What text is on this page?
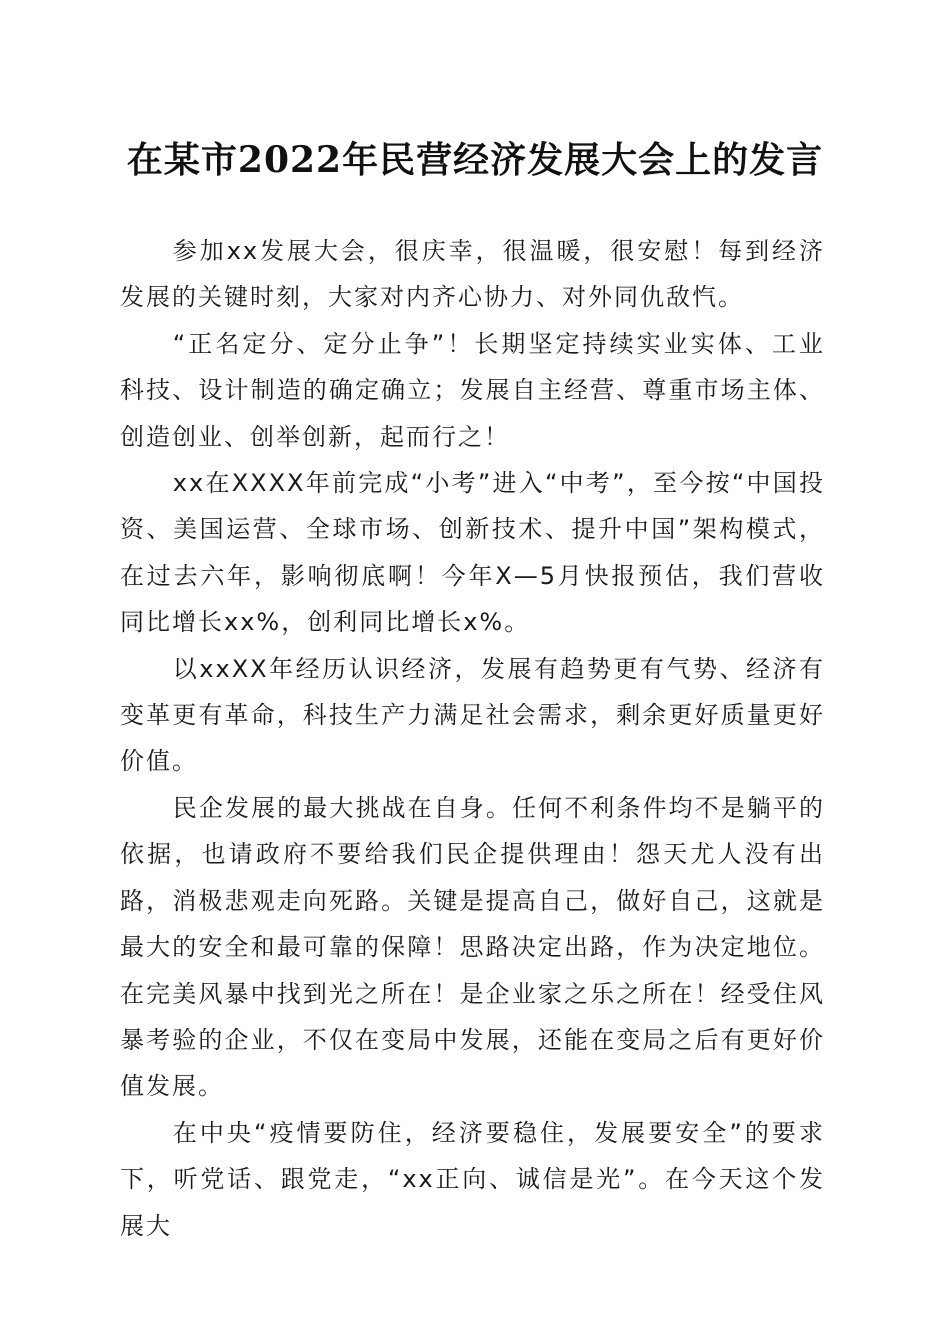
在某市2022年民营经济发展大会上的发言

参加xx发展大会，很庆幸，很温暖，很安慰！每到经济发展的关键时刻，大家对内齐心协力、对外同仇敌忾。

“正名定分、定分止争”！长期坚定持续实业实体、工业科技、设计制造的确定确立；发展自主经营、尊重市场主体、创造创业、创举创新，起而行之！

xx在XXXX年前完成“小考”进入“中考”，至今按“中国投资、美国运营、全球市场、创新技术、提升中国”架构模式，在过去六年，影响彻底啊！今年X—5月快报预估，我们营收同比增长xx%，创利同比增长x%。

以xxXX年经历认识经济，发展有趋势更有气势、经济有变革更有革命，科技生产力满足社会需求，剩余更好质量更好价值。

民企发展的最大挑战在自身。任何不利条件均不是躺平的依据，也请政府不要给我们民企提供理由！怨天尤人没有出路，消极悲观走向死路。关键是提高自己，做好自己，这就是最大的安全和最可靠的保障！思路决定出路，作为决定地位。在完美风暴中找到光之所在！是企业家之乐之所在！经受住风暴考验的企业，不仅在变局中发展，还能在变局之后有更好价值发展。

在中央“疫情要防住，经济要稳住，发展要安全”的要求下，听党话、跟党走，“xx正向、诚信是光”。在今天这个发展大
